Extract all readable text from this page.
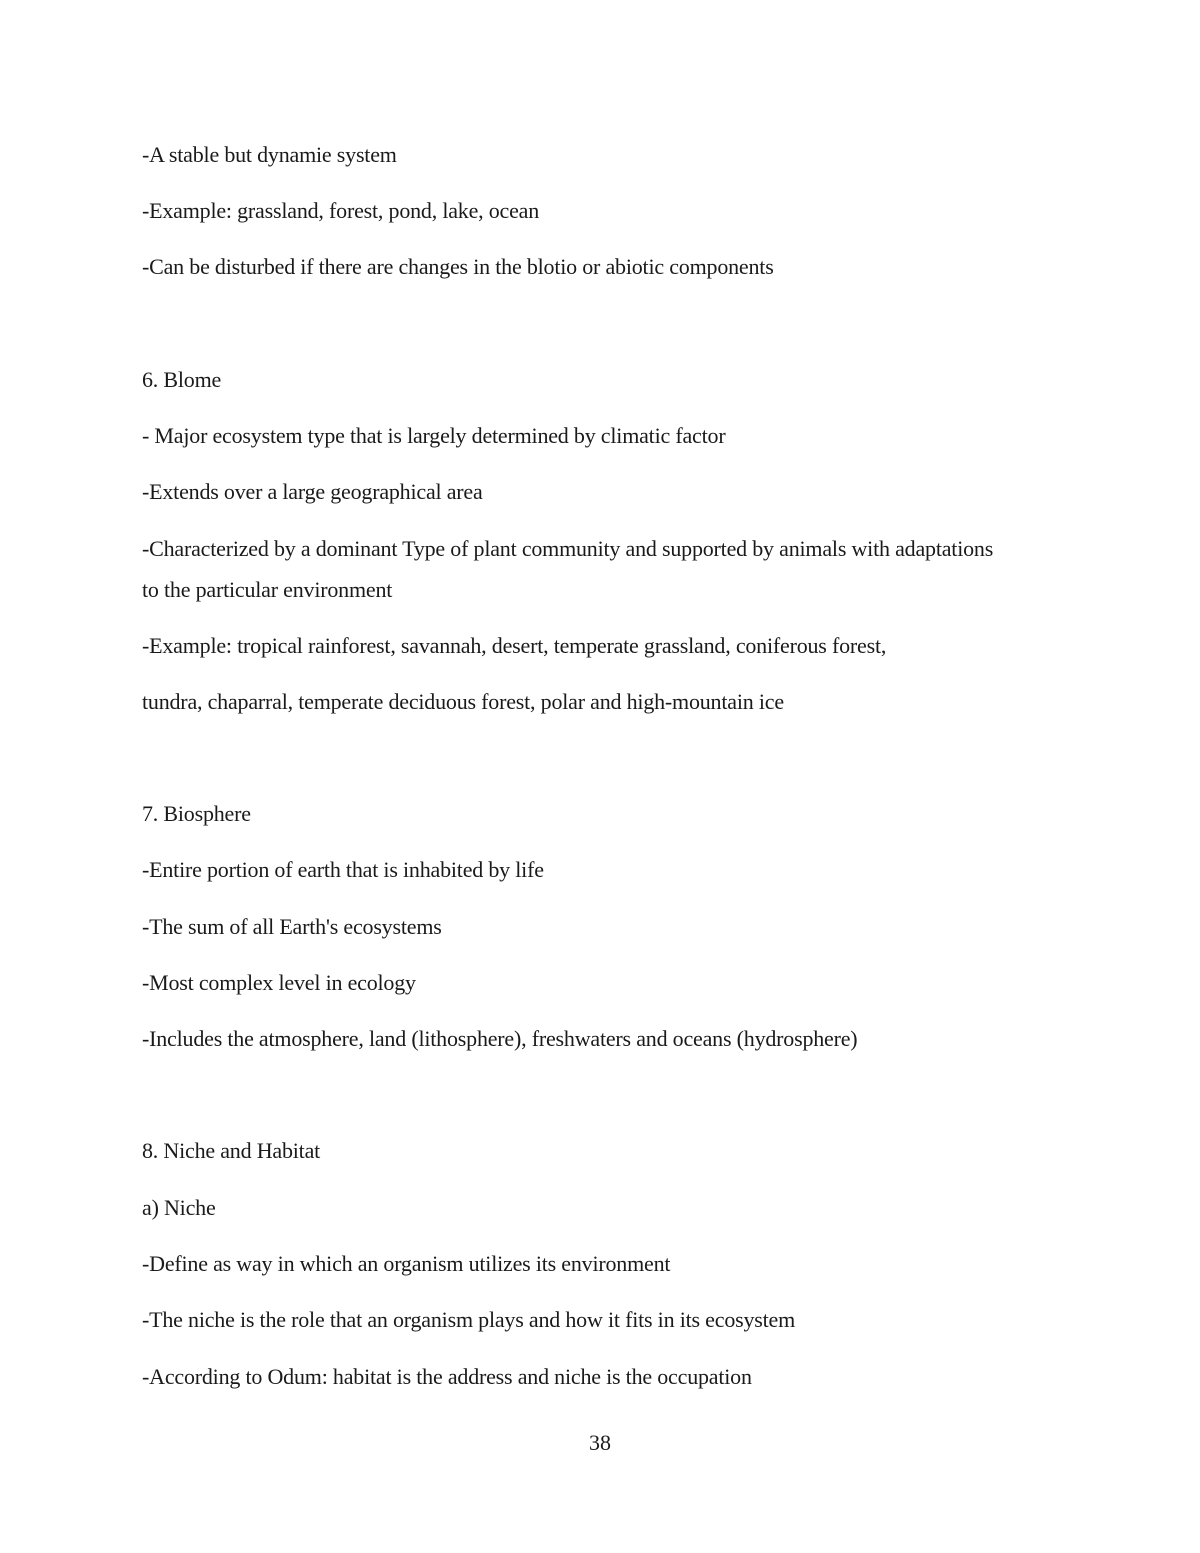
-A stable but dynamie system
-Example: grassland, forest, pond, lake, ocean
-Can be disturbed if there are changes in the blotio or abiotic components
6. Blome
- Major ecosystem type that is largely determined by climatic factor
-Extends over a large geographical area
-Characterized by a dominant Type of plant community and supported by animals with adaptations
to the particular environment
-Example: tropical rainforest, savannah, desert, temperate grassland, coniferous forest,
tundra, chaparral, temperate deciduous forest, polar and high-mountain ice
7. Biosphere
-Entire portion of earth that is inhabited by life
-The sum of all Earth's ecosystems
-Most complex level in ecology
-Includes the atmosphere, land (lithosphere), freshwaters and oceans (hydrosphere)
8. Niche and Habitat
a) Niche
-Define as way in which an organism utilizes its environment
-The niche is the role that an organism plays and how it fits in its ecosystem
-According to Odum: habitat is the address and niche is the occupation
38
